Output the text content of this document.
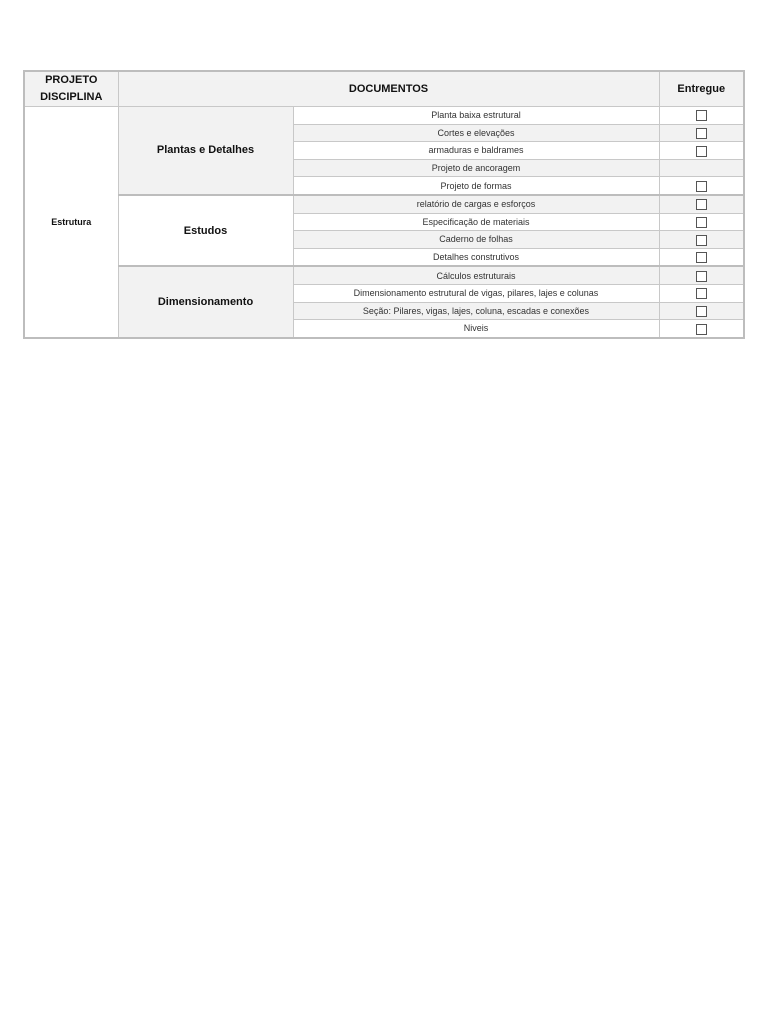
PROJETO
DISCIPLINA	DOCUMENTOS		Entregue
Estrutura	Plantas e Detalhes	Planta baixa estrutural	
		Cortes e elevações	
		armaduras e baldrames	
		Projeto de ancoragem	
		Projeto de formas	
	Estudos	relatório de cargas e esforços	
		Especificação de materiais	
		Caderno de folhas	
		Detalhes construtivos	
	Dimensionamento	Cálculos estruturais	
		Dimensionamento estrutural de vigas, pilares, lajes e colunas	
		Seção: Pilares, vigas, lajes, coluna, escadas e conexões	
		Niveis	
